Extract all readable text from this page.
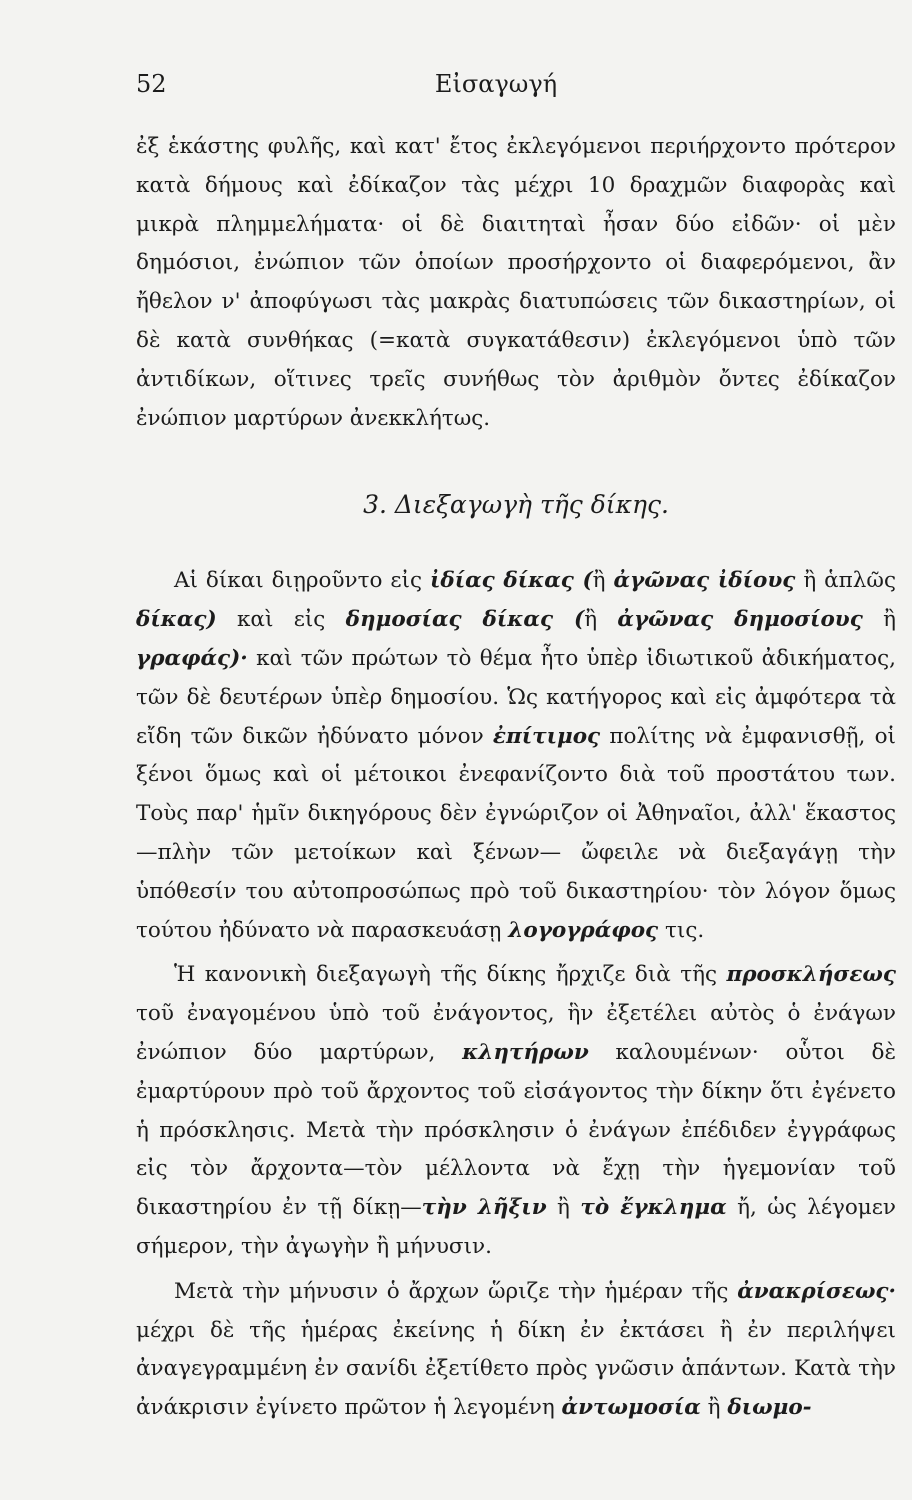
52	Εἰσαγωγή

ἐξ ἑκάστης φυλῆς, καὶ κατ' ἔτος ἐκλεγόμενοι περιήρχοντο πρότερον κατὰ δήμους καὶ ἐδίκαζον τὰς μέχρι 10 δραχμῶν διαφορὰς καὶ μικρὰ πλημμελήματα· οἱ δὲ διαιτηταὶ ἦσαν δύο εἰδῶν· οἱ μὲν δημόσιοι, ἐνώπιον τῶν ὁποίων προσήρχοντο οἱ διαφερόμενοι, ἂν ἤθελον ν' ἀποφύγωσι τὰς μακρὰς διατυπώσεις τῶν δικαστηρίων, οἱ δὲ κατὰ συνθήκας (=κατὰ συγκατάθεσιν) ἐκλεγόμενοι ὑπὸ τῶν ἀντιδίκων, οἵτινες τρεῖς συνήθως τὸν ἀριθμὸν ὄντες ἐδίκαζον ἐνώπιον μαρτύρων ἀνεκκλήτως.

3. Διεξαγωγὴ τῆς δίκης.

Αἱ δίκαι διῃροῦντο εἰς ἰδίας δίκας (ἢ ἀγῶνας ἰδίους ἢ ἁπλῶς δίκας) καὶ εἰς δημοσίας δίκας (ἢ ἀγῶνας δημοσίους ἢ γραφάς)· καὶ τῶν πρώτων τὸ θέμα ἦτο ὑπὲρ ἰδιωτικοῦ ἀδικήματος, τῶν δὲ δευτέρων ὑπὲρ δημοσίου. Ὡς κατήγορος καὶ εἰς ἀμφότερα τὰ εἴδη τῶν δικῶν ἠδύνατο μόνον ἐπίτιμος πολίτης νὰ ἐμφανισθῇ, οἱ ξένοι ὅμως καὶ οἱ μέτοικοι ἐνεφανίζοντο διὰ τοῦ προστάτου των. Τοὺς παρ' ἡμῖν δικηγόρους δὲν ἐγνώριζον οἱ Ἀθηναῖοι, ἀλλ' ἕκαστος—πλὴν τῶν μετοίκων καὶ ξένων— ὤφειλε νὰ διεξαγάγῃ τὴν ὑπόθεσίν του αὐτοπροσώπως πρὸ τοῦ δικαστηρίου· τὸν λόγον ὅμως τούτου ἠδύνατο νὰ παρασκευάσῃ λογογράφος τις.

Ἡ κανονικὴ διεξαγωγὴ τῆς δίκης ἤρχιζε διὰ τῆς προσκλήσεως τοῦ ἐναγομένου ὑπὸ τοῦ ἐνάγοντος, ἣν ἐξετέλει αὐτὸς ὁ ἐνάγων ἐνώπιον δύο μαρτύρων, κλητήρων καλουμένων· οὗτοι δὲ ἐμαρτύρουν πρὸ τοῦ ἄρχοντος τοῦ εἰσάγοντος τὴν δίκην ὅτι ἐγένετο ἡ πρόσκλησις. Μετὰ τὴν πρόσκλησιν ὁ ἐνάγων ἐπέδιδεν ἐγγράφως εἰς τὸν ἄρχοντα—τὸν μέλλοντα νὰ ἔχῃ τὴν ἡγεμονίαν τοῦ δικαστηρίου ἐν τῇ δίκῃ—τὴν λῆξιν ἢ τὸ ἔγκλημα ἤ, ὡς λέγομεν σήμερον, τὴν ἀγωγὴν ἢ μήνυσιν.

Μετὰ τὴν μήνυσιν ὁ ἄρχων ὥριζε τὴν ἡμέραν τῆς ἀνακρίσεως· μέχρι δὲ τῆς ἡμέρας ἐκείνης ἡ δίκη ἐν ἐκτάσει ἢ ἐν περιλήψει ἀναγεγραμμένη ἐν σανίδι ἐξετίθετο πρὸς γνῶσιν ἁπάντων. Κατὰ τὴν ἀνάκρισιν ἐγίνετο πρῶτον ἡ λεγομένη ἀντωμοσία ἢ διωμο-
